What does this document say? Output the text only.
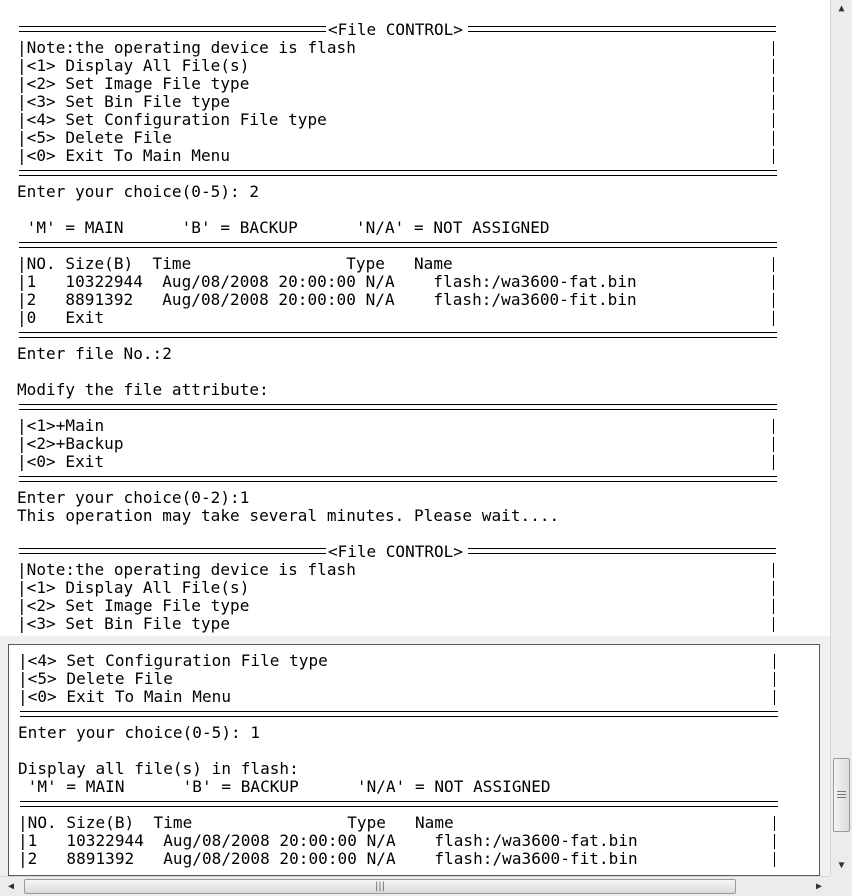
<File CONTROL>
|Note:the operating device is flash
|<1> Display All File(s)
|<2> Set Image File type
|<3> Set Bin File type
|<4> Set Configuration File type
|<5> Delete File
|<0> Exit To Main Menu
Enter your choice(0-5): 2
'M' = MAIN      'B' = BACKUP      'N/A' = NOT ASSIGNED
|NO. Size(B)  Time                Type   Name
|1   10322944  Aug/08/2008 20:00:00 N/A    flash:/wa3600-fat.bin
|2   8891392   Aug/08/2008 20:00:00 N/A    flash:/wa3600-fit.bin
|0   Exit
Enter file No.:2
Modify the file attribute:
|<1>+Main
|<2>+Backup
|<0> Exit
Enter your choice(0-2):1
This operation may take several minutes. Please wait....
<File CONTROL>
|Note:the operating device is flash
|<1> Display All File(s)
|<2> Set Image File type
|<3> Set Bin File type
|<4> Set Configuration File type
|<5> Delete File
|<0> Exit To Main Menu
Enter your choice(0-5): 1
Display all file(s) in flash:
'M' = MAIN      'B' = BACKUP      'N/A' = NOT ASSIGNED
|NO. Size(B)  Time                Type   Name
|1   10322944  Aug/08/2008 20:00:00 N/A    flash:/wa3600-fat.bin
|2   8891392   Aug/08/2008 20:00:00 N/A    flash:/wa3600-fit.bin
▲
▼
◀	|||	▶
